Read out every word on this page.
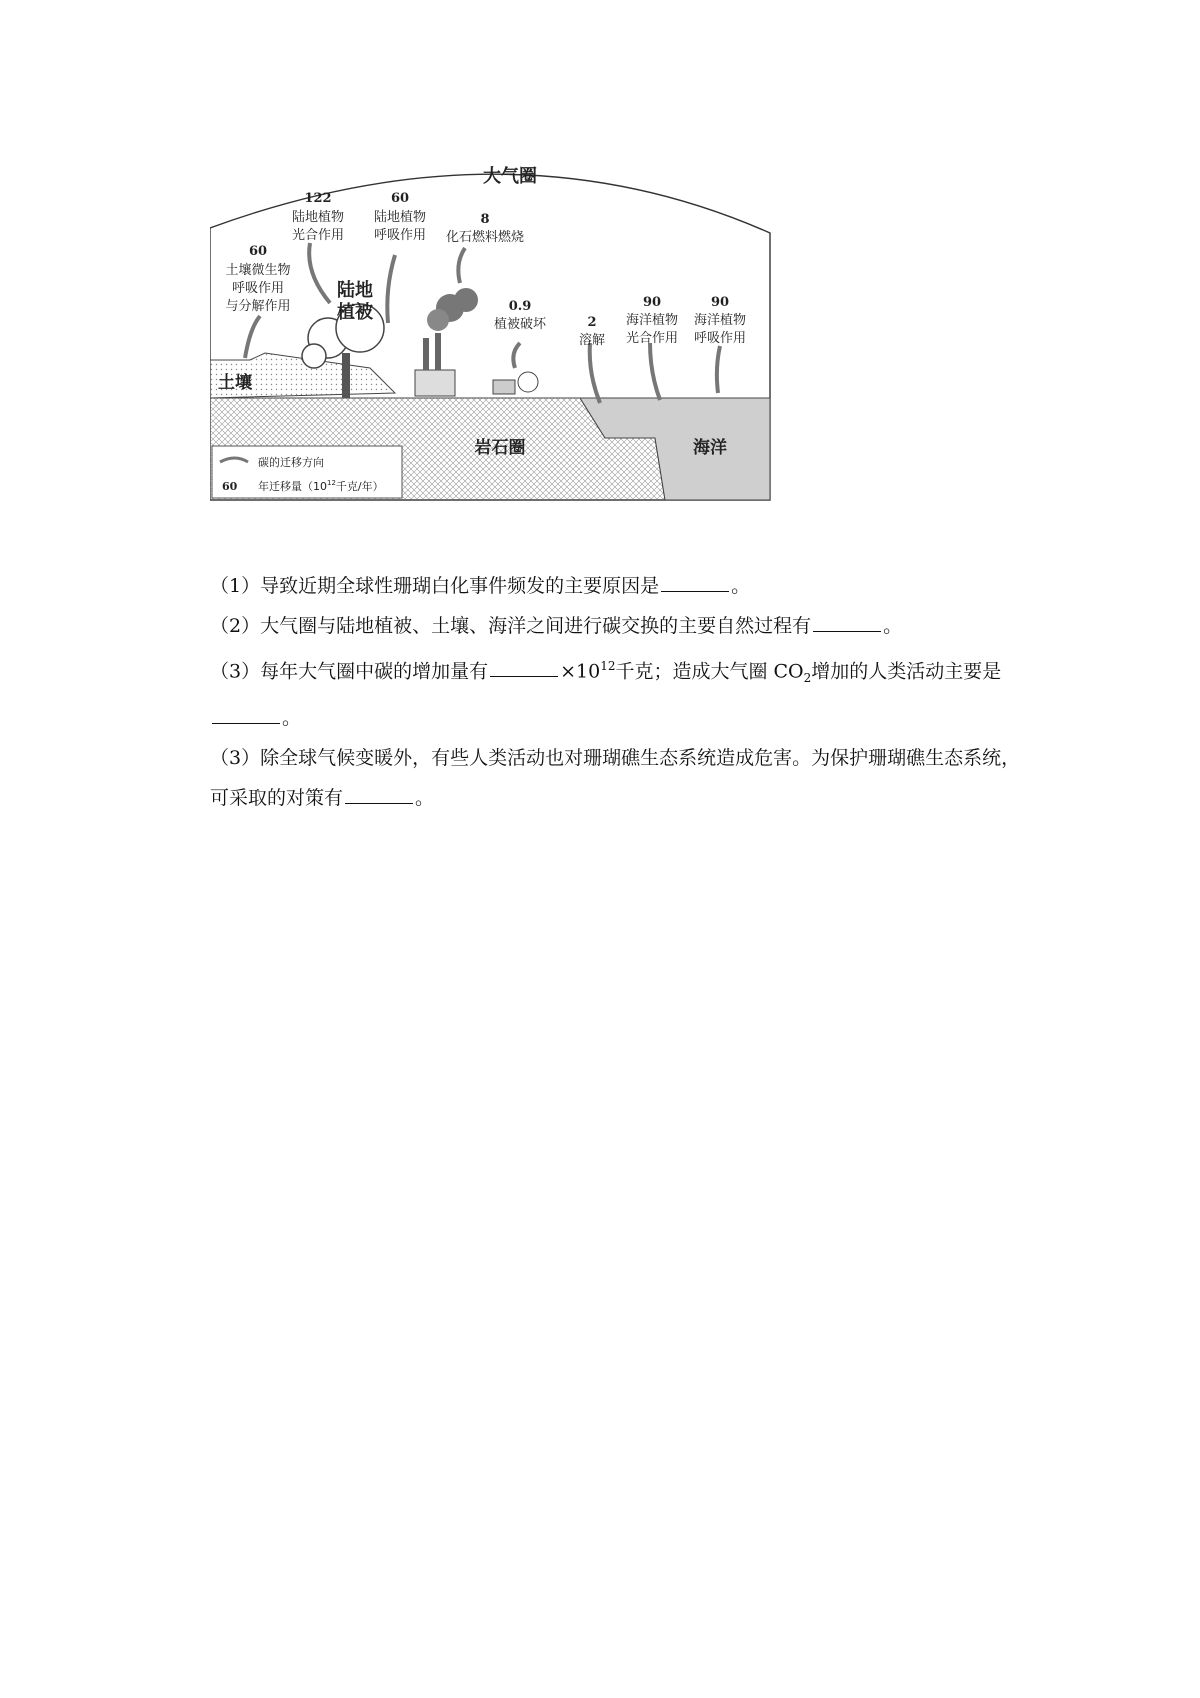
大气圈
陆地
植被
土壤
岩石圈	海洋
60
土壤微生物
呼吸作用
与分解作用
122
陆地植物
光合作用
60
陆地植物
呼吸作用
8
化石燃料燃烧
0.9
植被破坏	2
溶解
90
海洋植物
光合作用
90
海洋植物
呼吸作用
碳的迁移方向
60 年迁移量（$10^{12}$千克/年）

（1）导致近期全球性珊瑚白化事件频发的主要原因是	。

（2）大气圈与陆地植被、土壤、海洋之间进行碳交换的主要自然过程有	。

（3）每年大气圈中碳的增加量有	$\times 10^{12}$千克；造成大气圈 $CO_2$增加的人类活动主要是。

（3）除全球气候变暖外，有些人类活动也对珊瑚礁生态系统造成危害。为保护珊瑚礁生态系统，可采取的对策有	。
